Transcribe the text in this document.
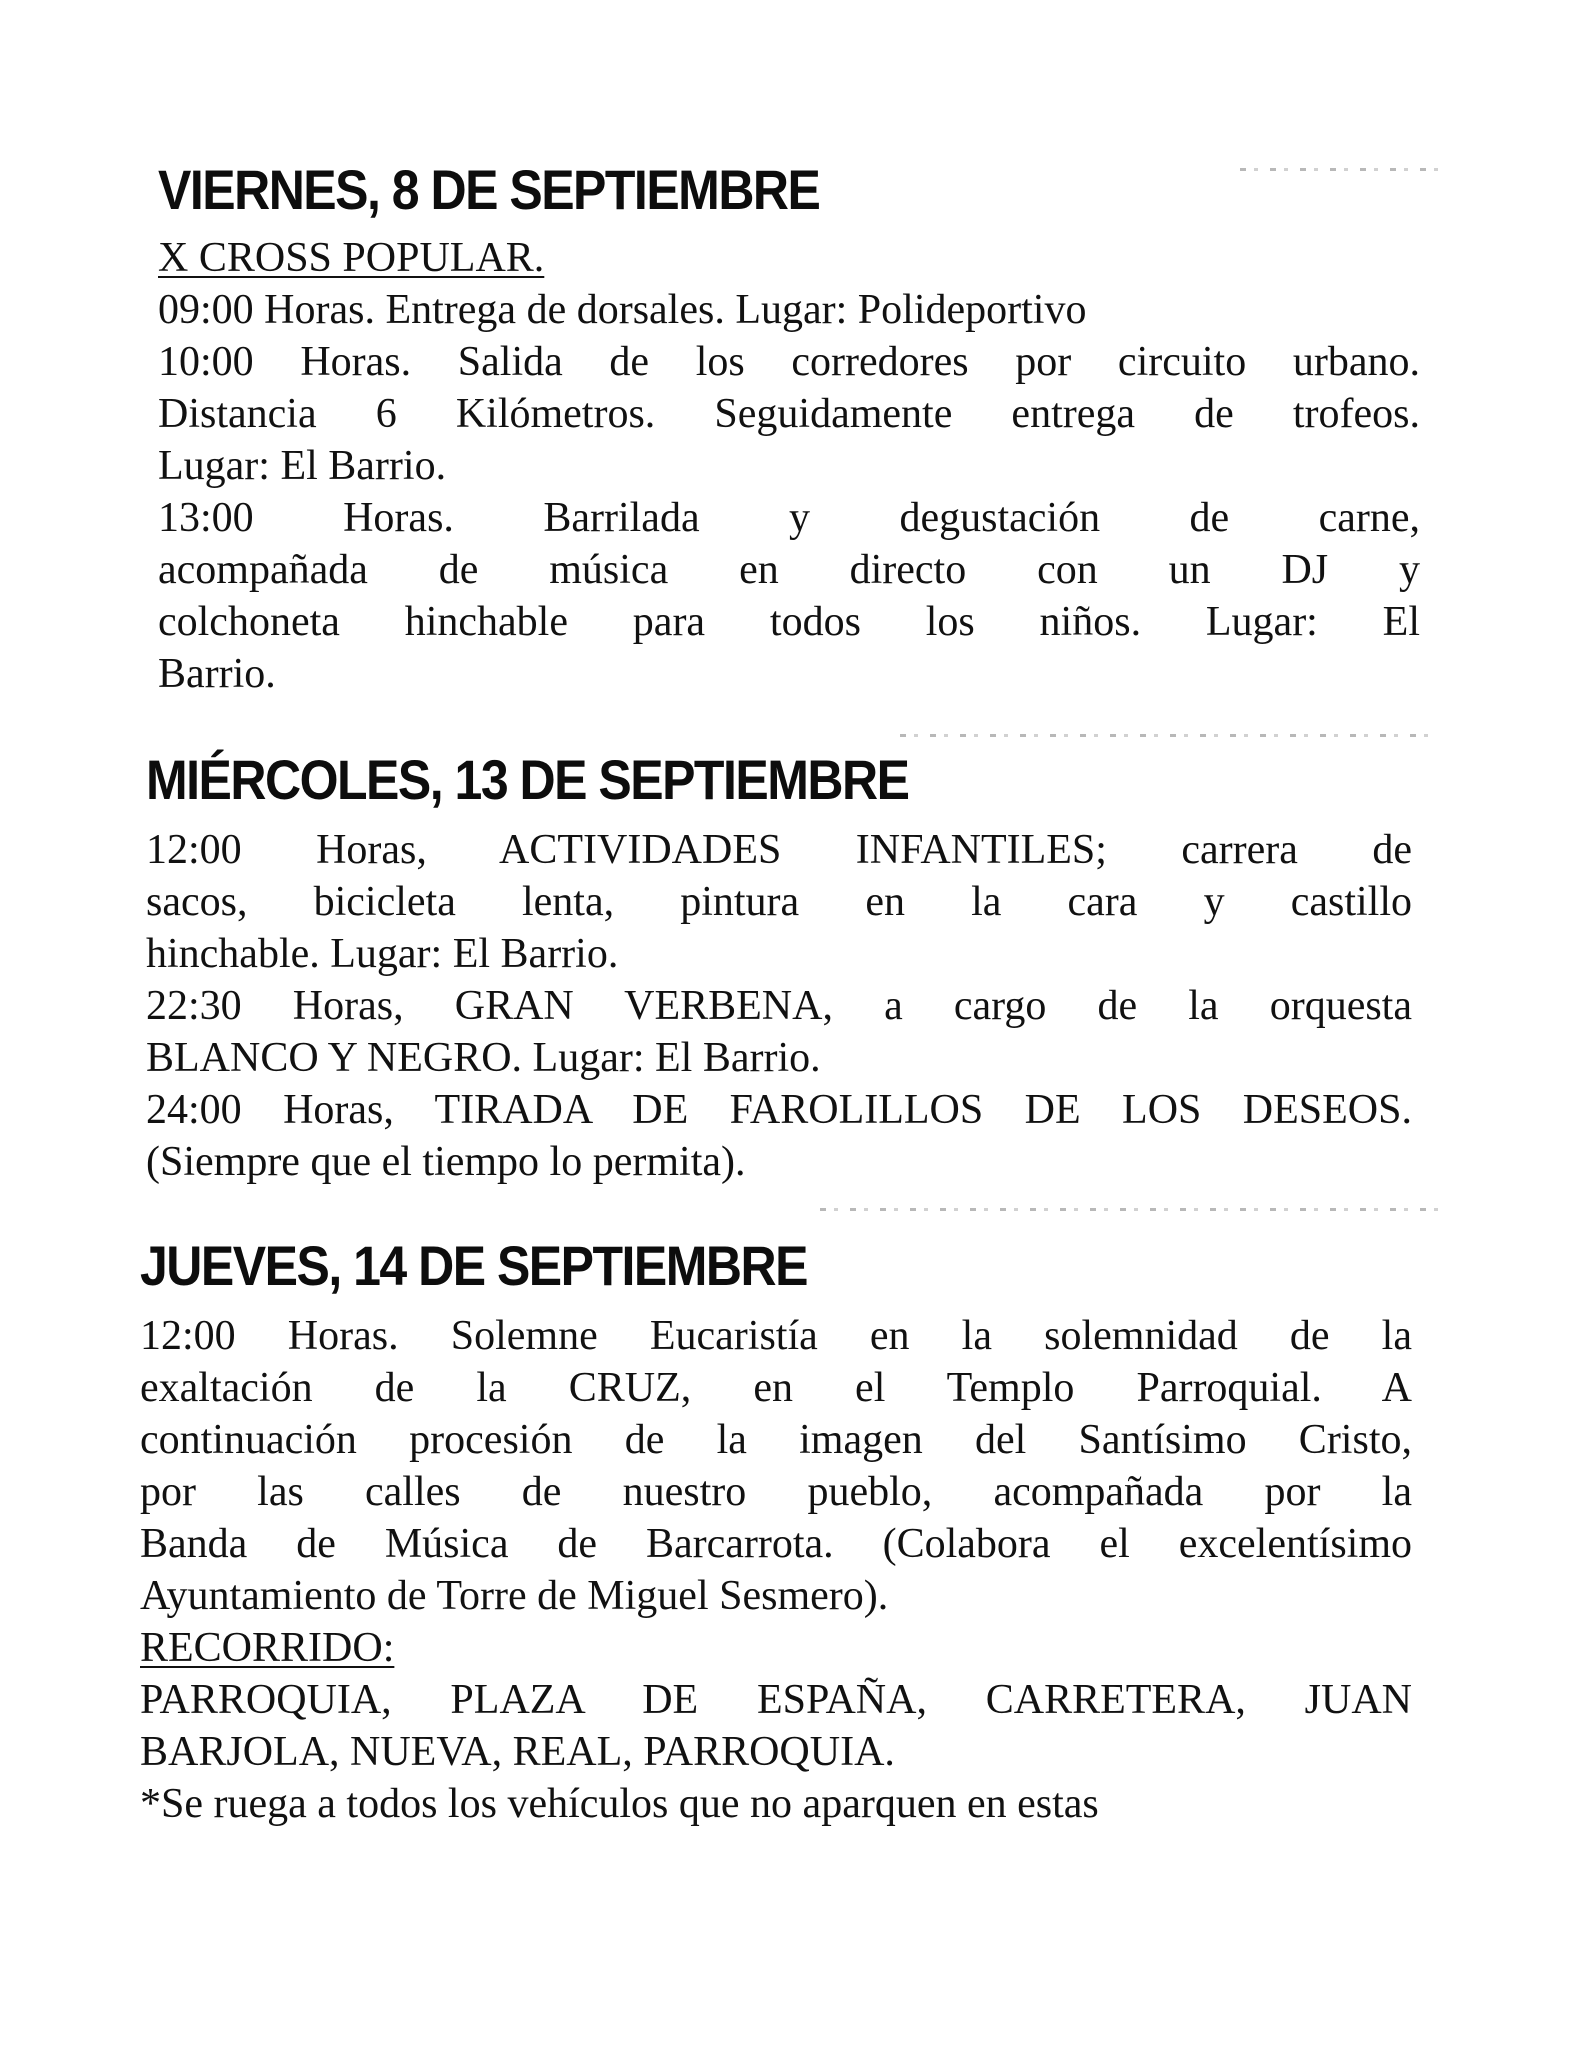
VIERNES, 8 DE SEPTIEMBRE

X CROSS POPULAR.

09:00 Horas. Entrega de dorsales. Lugar: Polideportivo

10:00 Horas. Salida de los corredores por circuito urbano.

Distancia 6 Kilómetros. Seguidamente entrega de trofeos.

Lugar: El Barrio.

13:00 Horas. Barrilada y degustación de carne,

acompañada de música en directo con un DJ y

colchoneta hinchable para todos los niños. Lugar: El

Barrio.

MIÉRCOLES, 13 DE SEPTIEMBRE

12:00 Horas, ACTIVIDADES INFANTILES; carrera de

sacos, bicicleta lenta, pintura en la cara y castillo

hinchable. Lugar: El Barrio.

22:30 Horas, GRAN VERBENA, a cargo de la orquesta

BLANCO Y NEGRO. Lugar: El Barrio.

24:00 Horas, TIRADA DE FAROLILLOS DE LOS DESEOS.

(Siempre que el tiempo lo permita).

JUEVES, 14 DE SEPTIEMBRE

12:00 Horas. Solemne Eucaristía en la solemnidad de la

exaltación de la CRUZ, en el Templo Parroquial. A

continuación procesión de la imagen del Santísimo Cristo,

por las calles de nuestro pueblo, acompañada por la

Banda de Música de Barcarrota. (Colabora el excelentísimo

Ayuntamiento de Torre de Miguel Sesmero).

RECORRIDO:

PARROQUIA, PLAZA DE ESPAÑA, CARRETERA, JUAN

BARJOLA, NUEVA, REAL, PARROQUIA.

*Se ruega a todos los vehículos que no aparquen en estas
